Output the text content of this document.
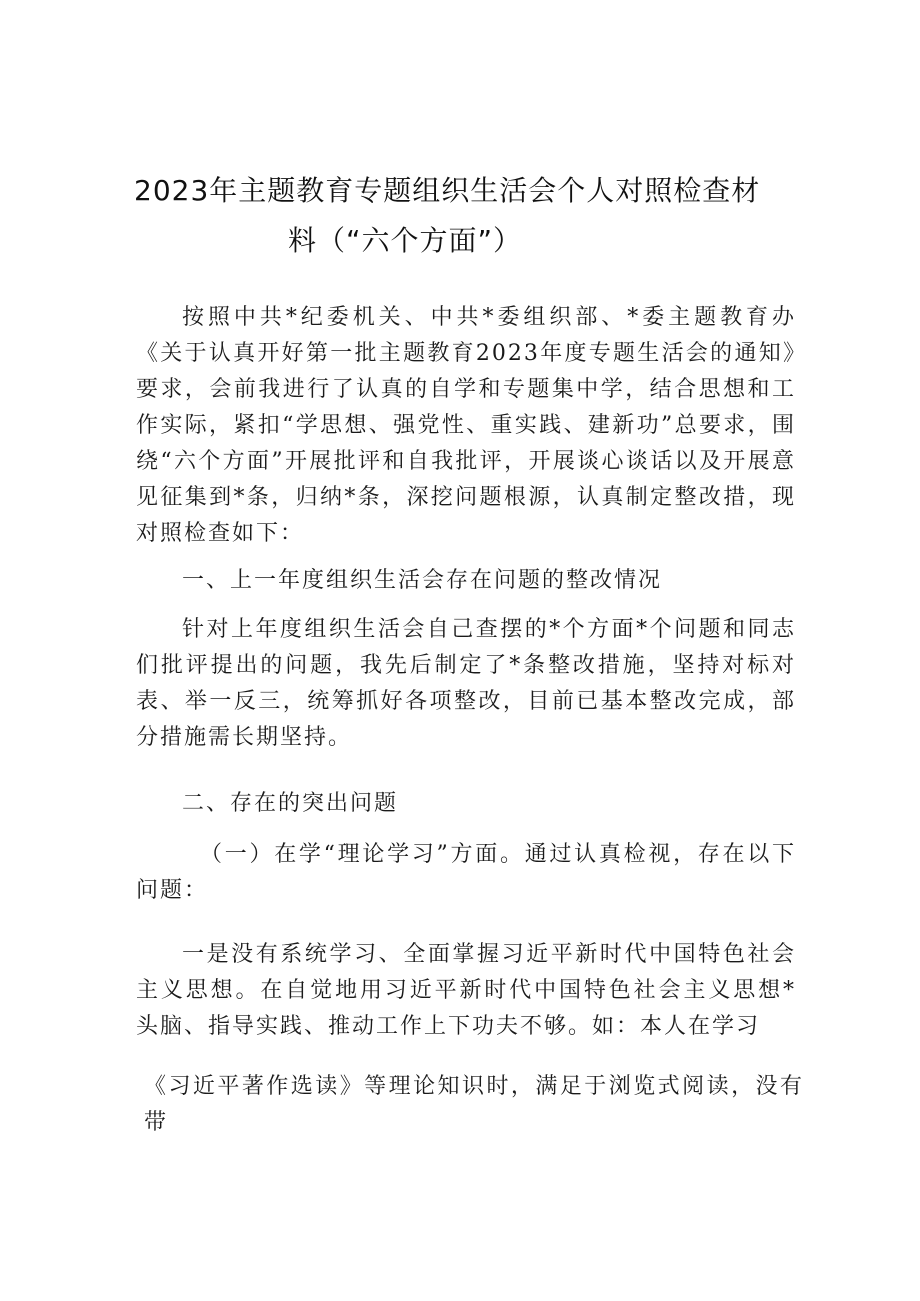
2023年主题教育专题组织生活会个人对照检查材
料（“六个方面”）

按照中共*纪委机关、中共*委组织部、*委主题教育办《关于认真开好第一批主题教育2023年度专题生活会的通知》要求，会前我进行了认真的自学和专题集中学，结合思想和工作实际，紧扣“学思想、强党性、重实践、建新功”总要求，围绕“六个方面”开展批评和自我批评，开展谈心谈话以及开展意见征集到*条，归纳*条，深挖问题根源，认真制定整改措，现对照检查如下：

一、上一年度组织生活会存在问题的整改情况

针对上年度组织生活会自己查摆的*个方面*个问题和同志们批评提出的问题，我先后制定了*条整改措施，坚持对标对表、举一反三，统筹抓好各项整改，目前已基本整改完成，部分措施需长期坚持。

二、存在的突出问题

（一）在学“理论学习”方面。通过认真检视，存在以下问题：

一是没有系统学习、全面掌握习近平新时代中国特色社会主义思想。在自觉地用习近平新时代中国特色社会主义思想*头脑、指导实践、推动工作上下功夫不够。如：本人在学习

《习近平著作选读》等理论知识时，满足于浏览式阅读，没有带
